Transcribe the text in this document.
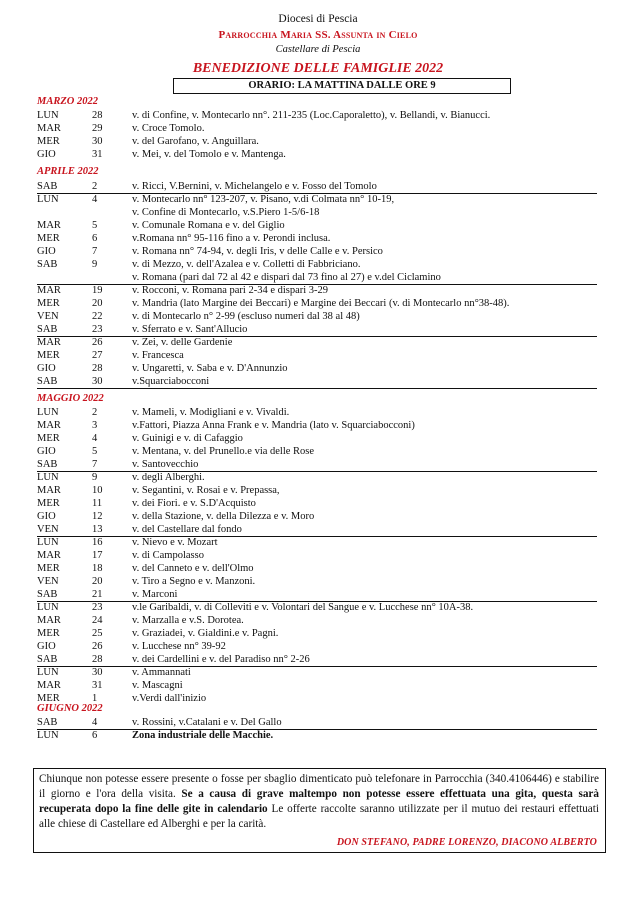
Diocesi di Pescia
Parrocchia Maria SS. Assunta in Cielo
Castellare di Pescia
BENEDIZIONE DELLE FAMIGLIE 2022
ORARIO: LA MATTINA DALLE ORE 9
MARZO 2022
APRILE 2022
MAGGIO 2022
GIUGNO 2022
LUN	28	v. di Confine, v. Montecarlo nn°. 211-235 (Loc.Caporaletto), v. Bellandi, v. Bianucci.
MAR	29	v. Croce Tomolo.
MER	30	v. del Garofano, v. Anguillara.
GIO	31	v. Mei, v. del Tomolo e v. Mantenga.
SAB	2	v. Ricci, V.Bernini, v. Michelangelo e v. Fosso del Tomolo
LUN	4	v. Montecarlo nn° 123-207, v. Pisano, v.di Colmata nn° 10-19,
v. Confine di Montecarlo, v.S.Piero 1-5/6-18
MAR	5	v. Comunale Romana e v. del Giglio
MER	6	v.Romana nn° 95-116 fino a v. Perondi inclusa.
GIO	7	v. Romana nn° 74-94, v. degli Iris, v delle Calle e v. Persico
SAB	9	v. di Mezzo, v. dell'Azalea e v. Colletti di Fabbriciano.
v. Romana (pari dal 72 al 42 e dispari dal 73 fino al 27) e v.del Ciclamino
MAR	19	v. Rocconi, v. Romana pari 2-34 e dispari 3-29
MER	20	v. Mandria (lato Margine dei Beccari) e Margine dei Beccari (v. di Montecarlo nn°38-48).
VEN	22	v. di Montecarlo n° 2-99 (escluso numeri dal 38 al 48)
SAB	23	v. Sferrato e v. Sant'Allucio
MAR	26	v. Zei, v. delle Gardenie
MER	27	v. Francesca
GIO	28	v. Ungaretti, v. Saba e v. D'Annunzio
SAB	30	v.Squarciabocconi
LUN	2	v. Mameli, v. Modigliani e v. Vivaldi.
MAR	3	v.Fattori, Piazza Anna Frank e v. Mandria (lato v. Squarciabocconi)
MER	4	v. Guinigi e v. di Cafaggio
GIO	5	v. Mentana, v. del Prunello.e via delle Rose
SAB	7	v. Santovecchio
LUN	9	v. degli Alberghi.
MAR	10	v. Segantini, v. Rosai e v. Prepassa,
MER	11	v. dei Fiori. e v. S.D'Acquisto
GIO	12	v. della Stazione, v. della Dilezza e v. Moro
VEN	13	v. del Castellare dal fondo
LUN	16	v. Nievo e v. Mozart
MAR	17	v. di Campolasso
MER	18	v. del Canneto e v. dell'Olmo
VEN	20	v. Tiro a Segno e v. Manzoni.
SAB	21	v. Marconi
LUN	23	v.le Garibaldi, v. di Colleviti e v. Volontari del Sangue e v. Lucchese nn° 10A-38.
MAR	24	v. Marzalla e v.S. Dorotea.
MER	25	v. Graziadei, v. Gialdini.e v. Pagni.
GIO	26	v. Lucchese nn° 39-92
SAB	28	v. dei Cardellini e v. del Paradiso nn° 2-26
LUN	30	v. Ammannati
MAR	31	v. Mascagni
MER	1	v.Verdi dall'inizio
SAB	4	v. Rossini, v.Catalani e v. Del Gallo
LUN	6	Zona industriale delle Macchie.
Chiunque non potesse essere presente o fosse per sbaglio dimenticato può telefonare in Parrocchia (340.4106446) e stabilire il giorno e l'ora della visita. Se a causa di grave maltempo non potesse essere effettuata una gita, questa sarà recuperata dopo la fine delle gite in calendario Le offerte raccolte saranno utilizzate per il mutuo dei restauri effettuati alle chiese di Castellare ed Alberghi e per la carità.
DON STEFANO, PADRE LORENZO, DIACONO ALBERTO
